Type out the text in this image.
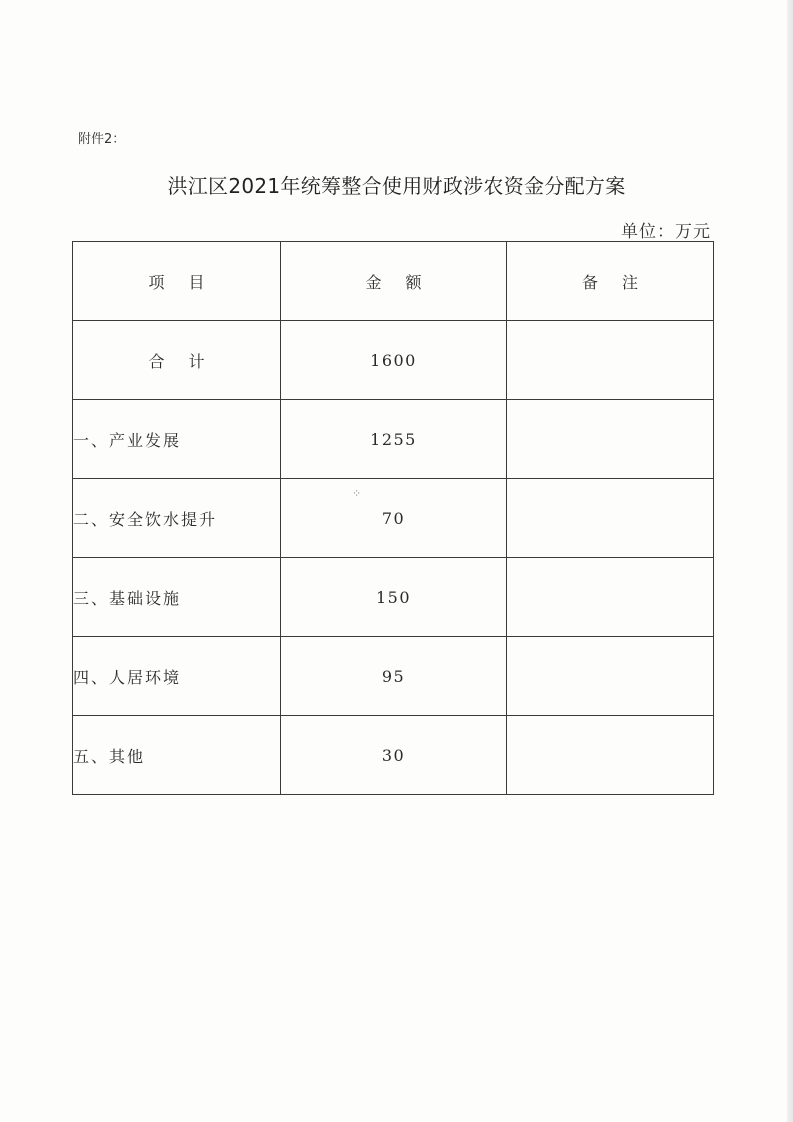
附件2：
洪江区2021年统筹整合使用财政涉农资金分配方案
单位：万元
⁘
项目	金额	备注
合计	1600	
一、产业发展	1255	
二、安全饮水提升	70	
三、基础设施	150	
四、人居环境	95	
五、其他	30	
